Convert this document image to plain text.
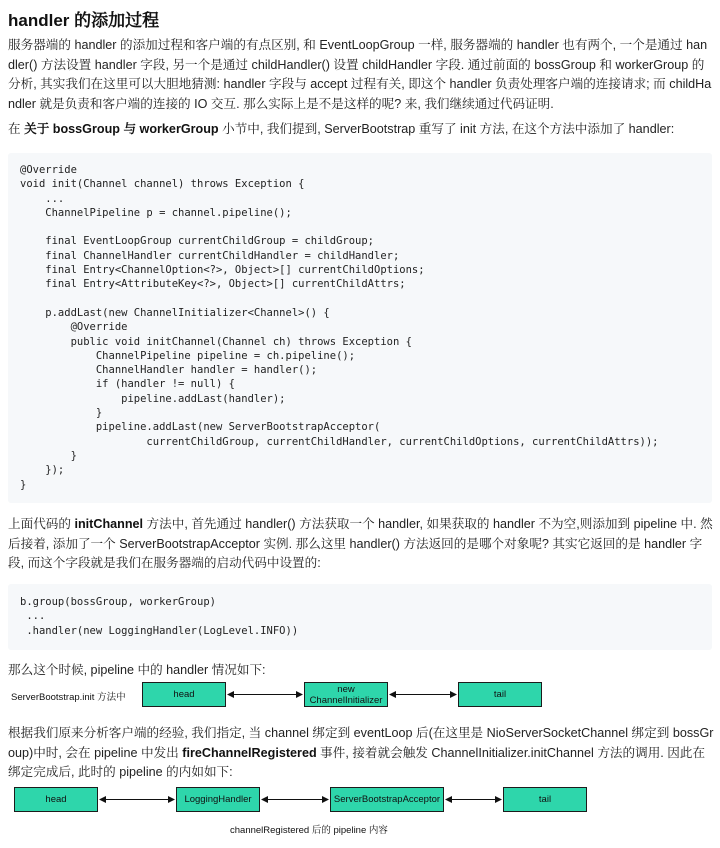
handler 的添加过程
服务器端的 handler 的添加过程和客户端的有点区别, 和 EventLoopGroup 一样, 服务器端的 handler 也有两个, 一个是通过 handler() 方法设置 handler 字段, 另一个是通过 childHandler() 设置 childHandler 字段. 通过前面的 bossGroup 和 workerGroup 的分析, 其实我们在这里可以大胆地猜测: handler 字段与 accept 过程有关, 即这个 handler 负责处理客户端的连接请求; 而 childHandler 就是负责和客户端的连接的 IO 交互. 那么实际上是不是这样的呢? 来, 我们继续通过代码证明.
在 关于 bossGroup 与 workerGroup 小节中, 我们提到, ServerBootstrap 重写了 init 方法, 在这个方法中添加了 handler:
@Override
void init(Channel channel) throws Exception {
...
ChannelPipeline p = channel.pipeline();
final EventLoopGroup currentChildGroup = childGroup;
final ChannelHandler currentChildHandler = childHandler;
final Entry<ChannelOption<?>, Object>[] currentChildOptions;
final Entry<AttributeKey<?>, Object>[] currentChildAttrs;
p.addLast(new ChannelInitializer<Channel>() {
@Override
public void initChannel(Channel ch) throws Exception {
ChannelPipeline pipeline = ch.pipeline();
ChannelHandler handler = handler();
if (handler != null) {
pipeline.addLast(handler);
}
pipeline.addLast(new ServerBootstrapAcceptor(
currentChildGroup, currentChildHandler, currentChildOptions, currentChildAttrs));
}
});
}
上面代码的 initChannel 方法中, 首先通过 handler() 方法获取一个 handler, 如果获取的 handler 不为空,则添加到 pipeline 中. 然后接着, 添加了一个 ServerBootstrapAcceptor 实例. 那么这里 handler() 方法返回的是哪个对象呢? 其实它返回的是 handler 字段, 而这个字段就是我们在服务器端的启动代码中设置的:
b.group(bossGroup, workerGroup)
...
.handler(new LoggingHandler(LogLevel.INFO))
那么这个时候, pipeline 中的 handler 情况如下:
ServerBootstrap.init 方法中	head	new
ChannelInitializer	tail
根据我们原来分析客户端的经验, 我们指定, 当 channel 绑定到 eventLoop 后(在这里是 NioServerSocketChannel 绑定到 bossGroup)中时, 会在 pipeline 中发出 fireChannelRegistered 事件, 接着就会触发 ChannelInitializer.initChannel 方法的调用. 因此在绑定完成后, 此时的 pipeline 的内如如下:
head	LoggingHandler	ServerBootstrapAcceptor	tail
channelRegistered 后的 pipeline 内容
